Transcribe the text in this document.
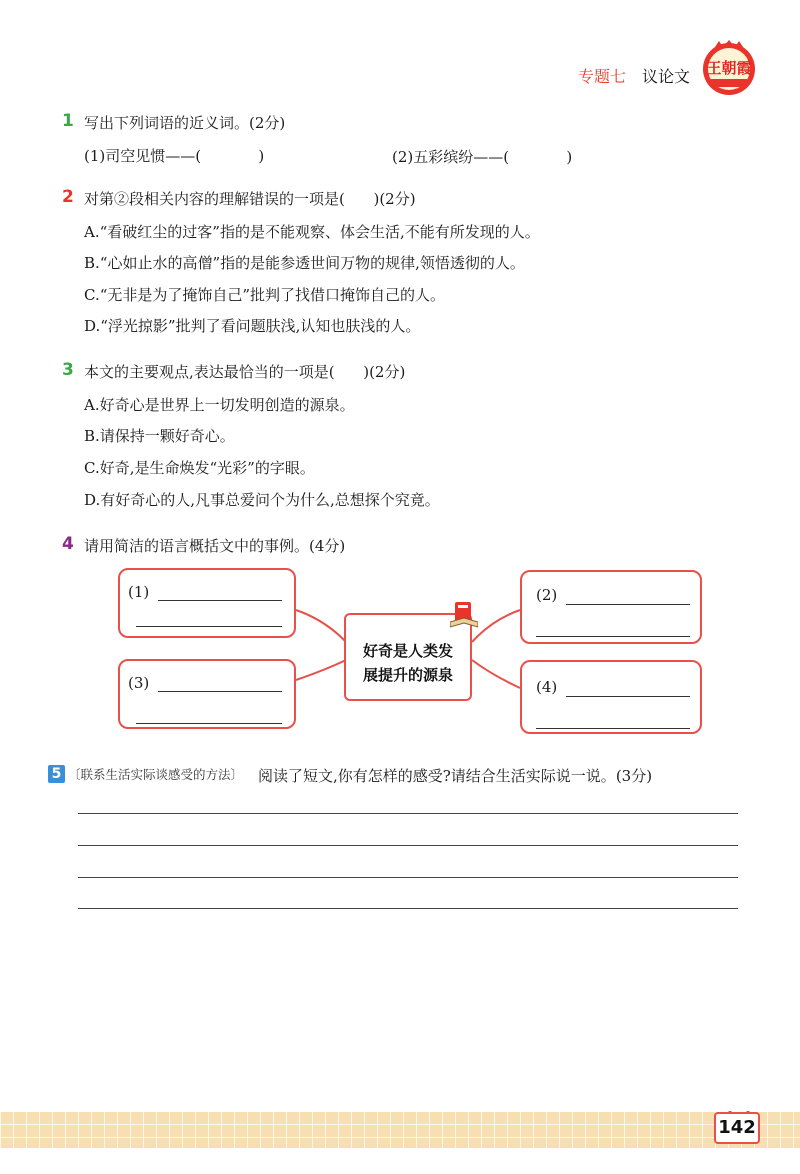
专题七 议论文	王朝霞
1 写出下列词语的近义词。(2分)
(1)司空见惯——(            )	(2)五彩缤纷——(            )
2 对第②段相关内容的理解错误的一项是(      )(2分)
A.“看破红尘的过客”指的是不能观察、体会生活,不能有所发现的人。
B.“心如止水的高僧”指的是能参透世间万物的规律,领悟透彻的人。
C.“无非是为了掩饰自己”批判了找借口掩饰自己的人。
D.“浮光掠影”批判了看问题肤浅,认知也肤浅的人。
3 本文的主要观点,表达最恰当的一项是(      )(2分)
A.好奇心是世界上一切发明创造的源泉。
B.请保持一颗好奇心。
C.好奇,是生命焕发“光彩”的字眼。
D.有好奇心的人,凡事总爱问个为什么,总想探个究竟。
4 请用简洁的语言概括文中的事例。(4分)
(1)
(3)
(2)
(4)
好奇是人类发
展提升的源泉
5 〔联系生活实际谈感受的方法〕 阅读了短文,你有怎样的感受?请结合生活实际说一说。(3分)
142
